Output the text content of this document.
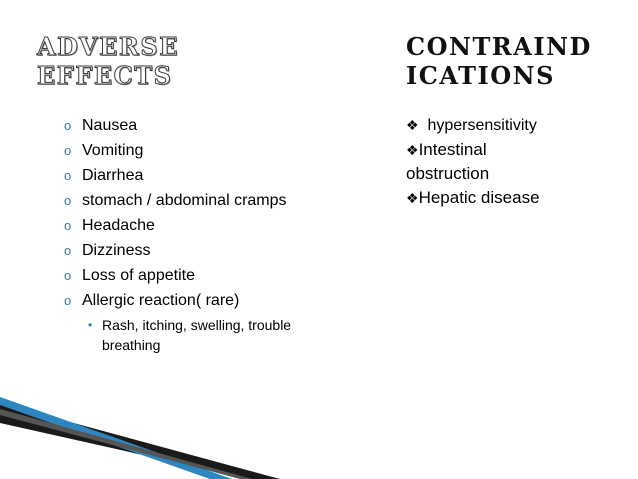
ADVERSE
EFFECTS
CONTRAIND
ICATIONS
o Nausea
o Vomiting
o Diarrhea
o stomach / abdominal cramps
o Headache
o Dizziness
o Loss of appetite
o Allergic reaction( rare)
• Rash, itching, swelling, trouble breathing
❖ hypersensitivity
❖Intestinal
obstruction
❖Hepatic disease
